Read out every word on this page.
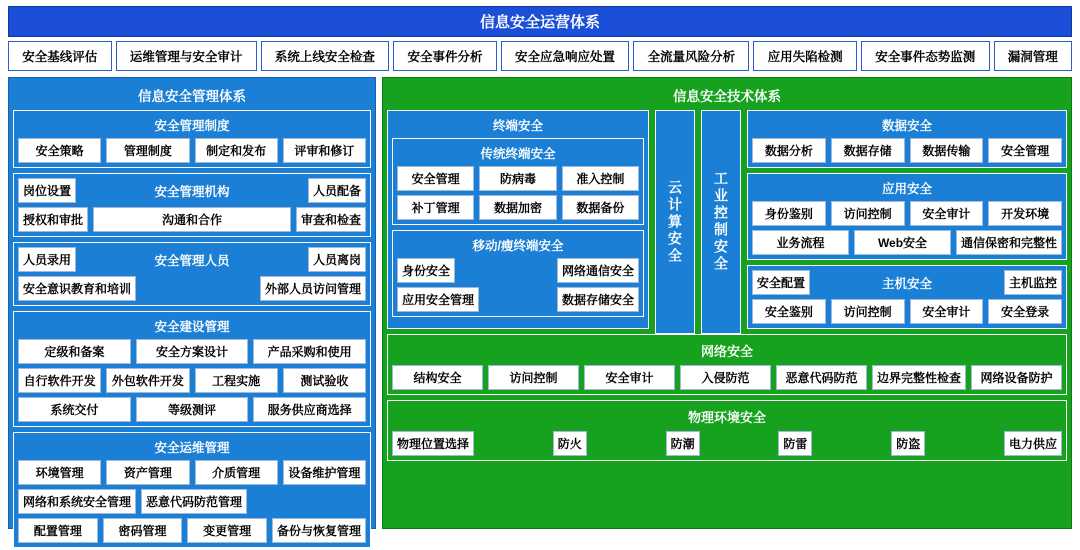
信息安全运营体系
安全基线评估	运维管理与安全审计	系统上线安全检查	安全事件分析	安全应急响应处置	全流量风险分析	应用失陷检测	安全事件态势监测	漏洞管理
信息安全管理体系
安全管理制度
安全策略	管理制度	制定和发布	评审和修订
岗位设置	安全管理机构	人员配备
授权和审批	沟通和合作	审查和检查
人员录用	安全管理人员	人员离岗
安全意识教育和培训	外部人员访问管理
安全建设管理
定级和备案	安全方案设计	产品采购和使用
自行软件开发	外包软件开发	工程实施	测试验收
系统交付	等级测评	服务供应商选择
安全运维管理
环境管理	资产管理	介质管理	设备维护管理
网络和系统安全管理	恶意代码防范管理
配置管理	密码管理	变更管理	备份与恢复管理
信息安全技术体系
终端安全
传统终端安全
安全管理	防病毒	准入控制
补丁管理	数据加密	数据备份
移动/瘦终端安全
身份安全	网络通信安全
应用安全管理	数据存储安全
云计算安全	工业控制安全
数据安全
数据分析	数据存储	数据传输	安全管理
应用安全
身份鉴别	访问控制	安全审计	开发环境
业务流程	Web安全	通信保密和完整性
安全配置	主机安全	主机监控
安全鉴别	访问控制	安全审计	安全登录
网络安全
结构安全	访问控制	安全审计	入侵防范	恶意代码防范	边界完整性检查	网络设备防护
物理环境安全
物理位置选择	防火	防潮	防雷	防盗	电力供应
